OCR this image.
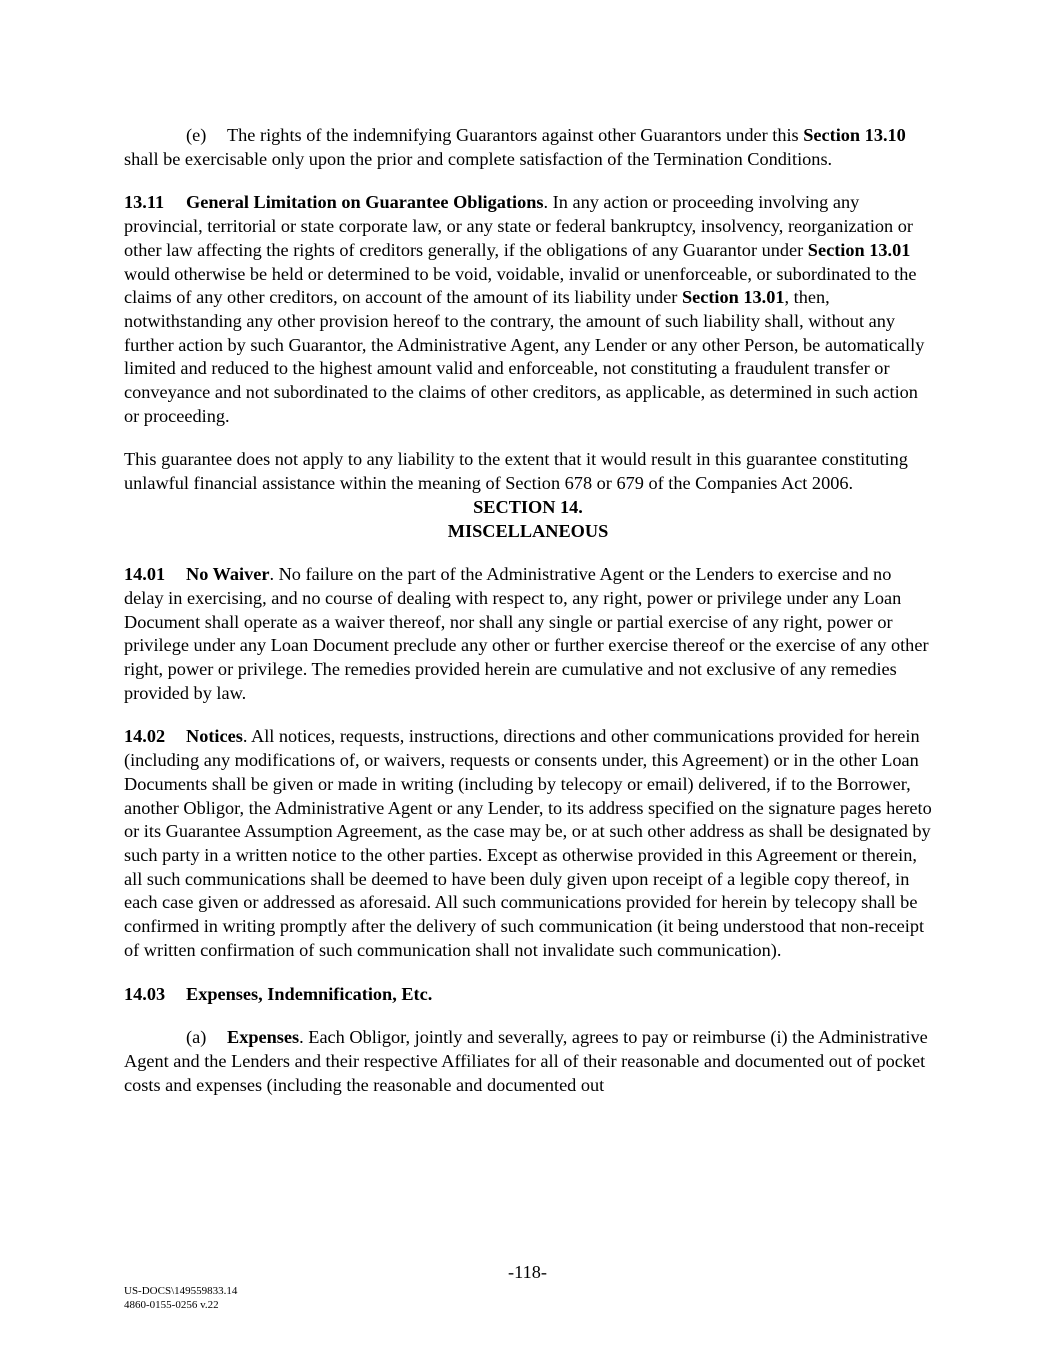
(e) The rights of the indemnifying Guarantors against other Guarantors under this Section 13.10 shall be exercisable only upon the prior and complete satisfaction of the Termination Conditions.

13.11 General Limitation on Guarantee Obligations. In any action or proceeding involving any provincial, territorial or state corporate law, or any state or federal bankruptcy, insolvency, reorganization or other law affecting the rights of creditors generally, if the obligations of any Guarantor under Section 13.01 would otherwise be held or determined to be void, voidable, invalid or unenforceable, or subordinated to the claims of any other creditors, on account of the amount of its liability under Section 13.01, then, notwithstanding any other provision hereof to the contrary, the amount of such liability shall, without any further action by such Guarantor, the Administrative Agent, any Lender or any other Person, be automatically limited and reduced to the highest amount valid and enforceable, not constituting a fraudulent transfer or conveyance and not subordinated to the claims of other creditors, as applicable, as determined in such action or proceeding.

This guarantee does not apply to any liability to the extent that it would result in this guarantee constituting unlawful financial assistance within the meaning of Section 678 or 679 of the Companies Act 2006.

SECTION 14.

MISCELLANEOUS

14.01 No Waiver. No failure on the part of the Administrative Agent or the Lenders to exercise and no delay in exercising, and no course of dealing with respect to, any right, power or privilege under any Loan Document shall operate as a waiver thereof, nor shall any single or partial exercise of any right, power or privilege under any Loan Document preclude any other or further exercise thereof or the exercise of any other right, power or privilege. The remedies provided herein are cumulative and not exclusive of any remedies provided by law.

14.02 Notices. All notices, requests, instructions, directions and other communications provided for herein (including any modifications of, or waivers, requests or consents under, this Agreement) or in the other Loan Documents shall be given or made in writing (including by telecopy or email) delivered, if to the Borrower, another Obligor, the Administrative Agent or any Lender, to its address specified on the signature pages hereto or its Guarantee Assumption Agreement, as the case may be, or at such other address as shall be designated by such party in a written notice to the other parties. Except as otherwise provided in this Agreement or therein, all such communications shall be deemed to have been duly given upon receipt of a legible copy thereof, in each case given or addressed as aforesaid. All such communications provided for herein by telecopy shall be confirmed in writing promptly after the delivery of such communication (it being understood that non-receipt of written confirmation of such communication shall not invalidate such communication).

14.03 Expenses, Indemnification, Etc.

(a) Expenses. Each Obligor, jointly and severally, agrees to pay or reimburse (i) the Administrative Agent and the Lenders and their respective Affiliates for all of their reasonable and documented out of pocket costs and expenses (including the reasonable and documented out

-118-
US-DOCS\149559833.14
4860-0155-0256 v.22
